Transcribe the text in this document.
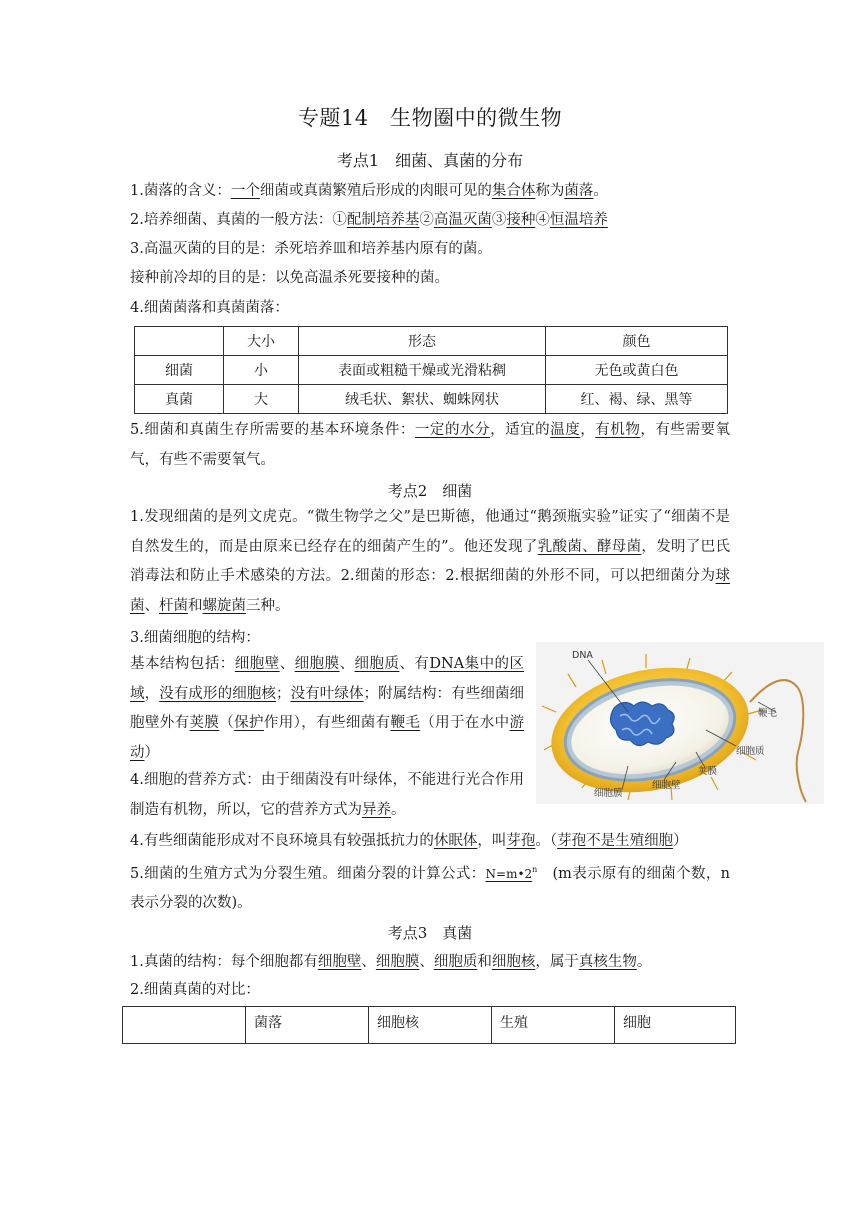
专题14　生物圈中的微生物
考点1　细菌、真菌的分布
1.菌落的含义：一个细菌或真菌繁殖后形成的肉眼可见的集合体称为菌落。
2.培养细菌、真菌的一般方法：①配制培养基②高温灭菌③接种④恒温培养
3.高温灭菌的目的是：杀死培养皿和培养基内原有的菌。
接种前冷却的目的是：以免高温杀死要接种的菌。
4.细菌菌落和真菌菌落：
	大小	形态	颜色
细菌	小	表面或粗糙干燥或光滑粘稠	无色或黄白色
真菌	大	绒毛状、絮状、蜘蛛网状	红、褐、绿、黑等
5.细菌和真菌生存所需要的基本环境条件：一定的水分，适宜的温度，有机物，有些需要氧气，有些不需要氧气。
考点2　细菌
1.发现细菌的是列文虎克。“微生物学之父”是巴斯德，他通过“鹅颈瓶实验”证实了“细菌不是自然发生的，而是由原来已经存在的细菌产生的”。他还发现了乳酸菌、酵母菌，发明了巴氏消毒法和防止手术感染的方法。2.细菌的形态：2.根据细菌的外形不同，可以把细菌分为球菌、杆菌和螺旋菌三种。
3.细菌细胞的结构：
基本结构包括：细胞壁、细胞膜、细胞质、有DNA集中的区域，没有成形的细胞核；没有叶绿体；附属结构：有些细菌细胞壁外有荚膜（保护作用），有些细菌有鞭毛（用于在水中游动）
4.细胞的营养方式：由于细菌没有叶绿体，不能进行光合作用制造有机物，所以，它的营养方式为异养。
4.有些细菌能形成对不良环境具有较强抵抗力的休眠体，叫芽孢。（芽孢不是生殖细胞）
5.细菌的生殖方式为分裂生殖。细菌分裂的计算公式：$N=m•2^n$　(m表示原有的细菌个数，n表示分裂的次数)。
DNA
鞭毛
细胞质
荚膜
细胞壁
细胞膜
考点3　真菌
1.真菌的结构：每个细胞都有细胞壁、细胞膜、细胞质和细胞核，属于真核生物。
2.细菌真菌的对比：
	菌落	细胞核	生殖	细胞
